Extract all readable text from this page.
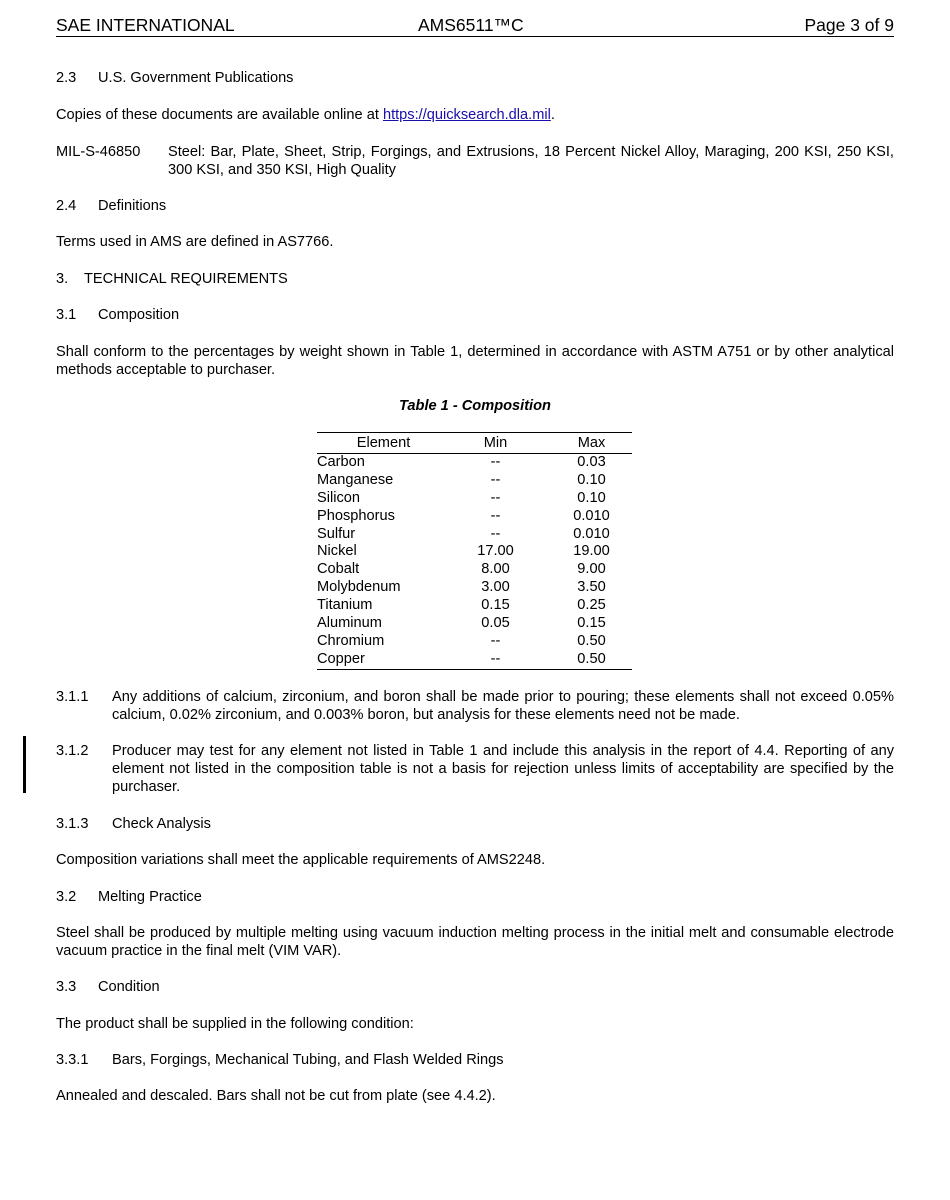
SAE INTERNATIONAL	AMS6511™C	Page 3 of 9
2.3 U.S. Government Publications
Copies of these documents are available online at https://quicksearch.dla.mil.
MIL-S-46850 Steel: Bar, Plate, Sheet, Strip, Forgings, and Extrusions, 18 Percent Nickel Alloy, Maraging, 200 KSI, 250 KSI, 300 KSI, and 350 KSI, High Quality
2.4 Definitions
Terms used in AMS are defined in AS7766.
3. TECHNICAL REQUIREMENTS
3.1 Composition
Shall conform to the percentages by weight shown in Table 1, determined in accordance with ASTM A751 or by other analytical methods acceptable to purchaser.
Table 1 - Composition
Element	Min	Max
Carbon	--	0.03
Manganese	--	0.10
Silicon	--	0.10
Phosphorus	--	0.010
Sulfur	--	0.010
Nickel	17.00	19.00
Cobalt	8.00	9.00
Molybdenum	3.00	3.50
Titanium	0.15	0.25
Aluminum	0.05	0.15
Chromium	--	0.50
Copper	--	0.50
3.1.1 Any additions of calcium, zirconium, and boron shall be made prior to pouring; these elements shall not exceed 0.05% calcium, 0.02% zirconium, and 0.003% boron, but analysis for these elements need not be made.
3.1.2 Producer may test for any element not listed in Table 1 and include this analysis in the report of 4.4. Reporting of any element not listed in the composition table is not a basis for rejection unless limits of acceptability are specified by the purchaser.
3.1.3 Check Analysis
Composition variations shall meet the applicable requirements of AMS2248.
3.2 Melting Practice
Steel shall be produced by multiple melting using vacuum induction melting process in the initial melt and consumable electrode vacuum practice in the final melt (VIM VAR).
3.3 Condition
The product shall be supplied in the following condition:
3.3.1 Bars, Forgings, Mechanical Tubing, and Flash Welded Rings
Annealed and descaled. Bars shall not be cut from plate (see 4.4.2).
